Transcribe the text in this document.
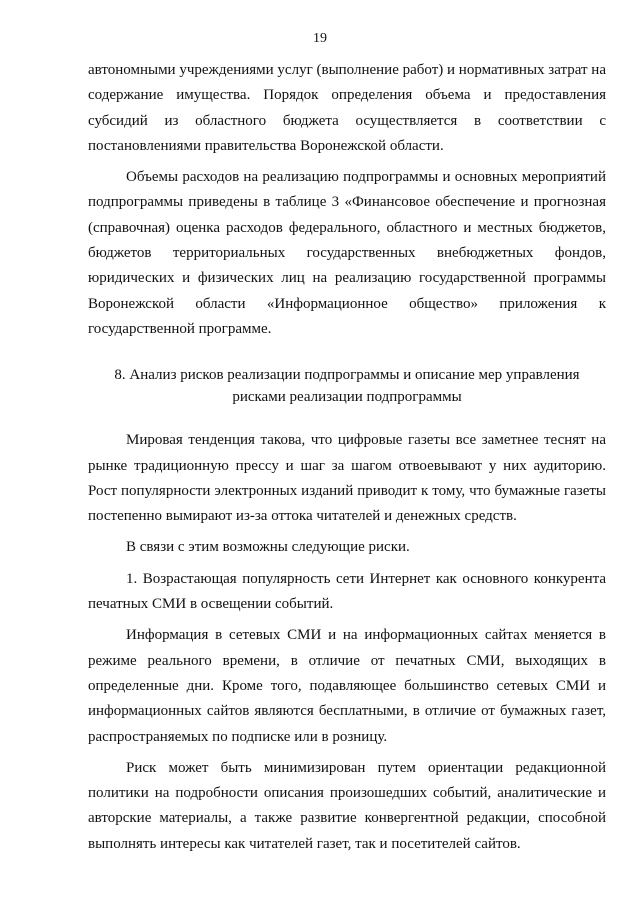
19

автономными учреждениями услуг (выполнение работ) и нормативных затрат на содержание имущества. Порядок определения объема и предоставления субсидий из областного бюджета осуществляется в соответствии с постановлениями правительства Воронежской области.

Объемы расходов на реализацию подпрограммы и основных мероприятий подпрограммы приведены в таблице 3 «Финансовое обеспечение и прогнозная (справочная) оценка расходов федерального, областного и местных бюджетов, бюджетов территориальных государственных внебюджетных фондов, юридических и физических лиц на реализацию государственной программы Воронежской области «Информационное общество» приложения к государственной программе.

8. Анализ рисков реализации подпрограммы и описание мер управления

рисками реализации подпрограммы

Мировая тенденция такова, что цифровые газеты все заметнее теснят на рынке традиционную прессу и шаг за шагом отвоевывают у них аудиторию. Рост популярности электронных изданий приводит к тому, что бумажные газеты постепенно вымирают из-за оттока читателей и денежных средств.

В связи с этим возможны следующие риски.

1. Возрастающая популярность сети Интернет как основного конкурента печатных СМИ в освещении событий.

Информация в сетевых СМИ и на информационных сайтах меняется в режиме реального времени, в отличие от печатных СМИ, выходящих в определенные дни. Кроме того, подавляющее большинство сетевых СМИ и информационных сайтов являются бесплатными, в отличие от бумажных газет, распространяемых по подписке или в розницу.

Риск может быть минимизирован путем ориентации редакционной политики на подробности описания произошедших событий, аналитические и авторские материалы, а также развитие конвергентной редакции, способной выполнять интересы как читателей газет, так и посетителей сайтов.
